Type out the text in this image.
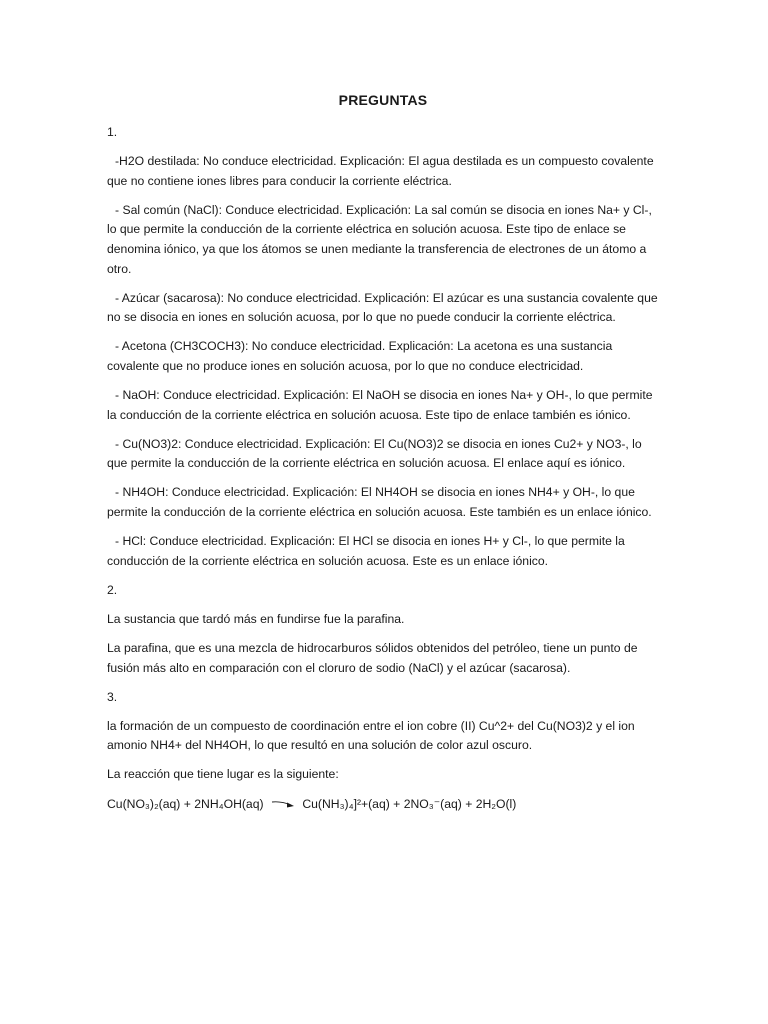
PREGUNTAS

1.

-H2O destilada: No conduce electricidad. Explicación: El agua destilada es un compuesto covalente que no contiene iones libres para conducir la corriente eléctrica.

- Sal común (NaCl): Conduce electricidad. Explicación: La sal común se disocia en iones Na+ y Cl-, lo que permite la conducción de la corriente eléctrica en solución acuosa. Este tipo de enlace se denomina iónico, ya que los átomos se unen mediante la transferencia de electrones de un átomo a otro.

- Azúcar (sacarosa): No conduce electricidad. Explicación: El azúcar es una sustancia covalente que no se disocia en iones en solución acuosa, por lo que no puede conducir la corriente eléctrica.

- Acetona (CH3COCH3): No conduce electricidad. Explicación: La acetona es una sustancia covalente que no produce iones en solución acuosa, por lo que no conduce electricidad.

- NaOH: Conduce electricidad. Explicación: El NaOH se disocia en iones Na+ y OH-, lo que permite la conducción de la corriente eléctrica en solución acuosa. Este tipo de enlace también es iónico.

- Cu(NO3)2: Conduce electricidad. Explicación: El Cu(NO3)2 se disocia en iones Cu2+ y NO3-, lo que permite la conducción de la corriente eléctrica en solución acuosa. El enlace aquí es iónico.

- NH4OH: Conduce electricidad. Explicación: El NH4OH se disocia en iones NH4+ y OH-, lo que permite la conducción de la corriente eléctrica en solución acuosa. Este también es un enlace iónico.

- HCl: Conduce electricidad. Explicación: El HCl se disocia en iones H+ y Cl-, lo que permite la conducción de la corriente eléctrica en solución acuosa. Este es un enlace iónico.

2.

La sustancia que tardó más en fundirse fue la parafina.

La parafina, que es una mezcla de hidrocarburos sólidos obtenidos del petróleo, tiene un punto de fusión más alto en comparación con el cloruro de sodio (NaCl) y el azúcar (sacarosa).

3.

la formación de un compuesto de coordinación entre el ion cobre (II) Cu^2+ del Cu(NO3)2 y el ion amonio NH4+ del NH4OH, lo que resultó en una solución de color azul oscuro.

La reacción que tiene lugar es la siguiente:

Cu(NO₃)₂(aq) + 2NH₄OH(aq)	Cu(NH₃)₄]²+(aq) + 2NO₃⁻(aq) + 2H₂O(l)
